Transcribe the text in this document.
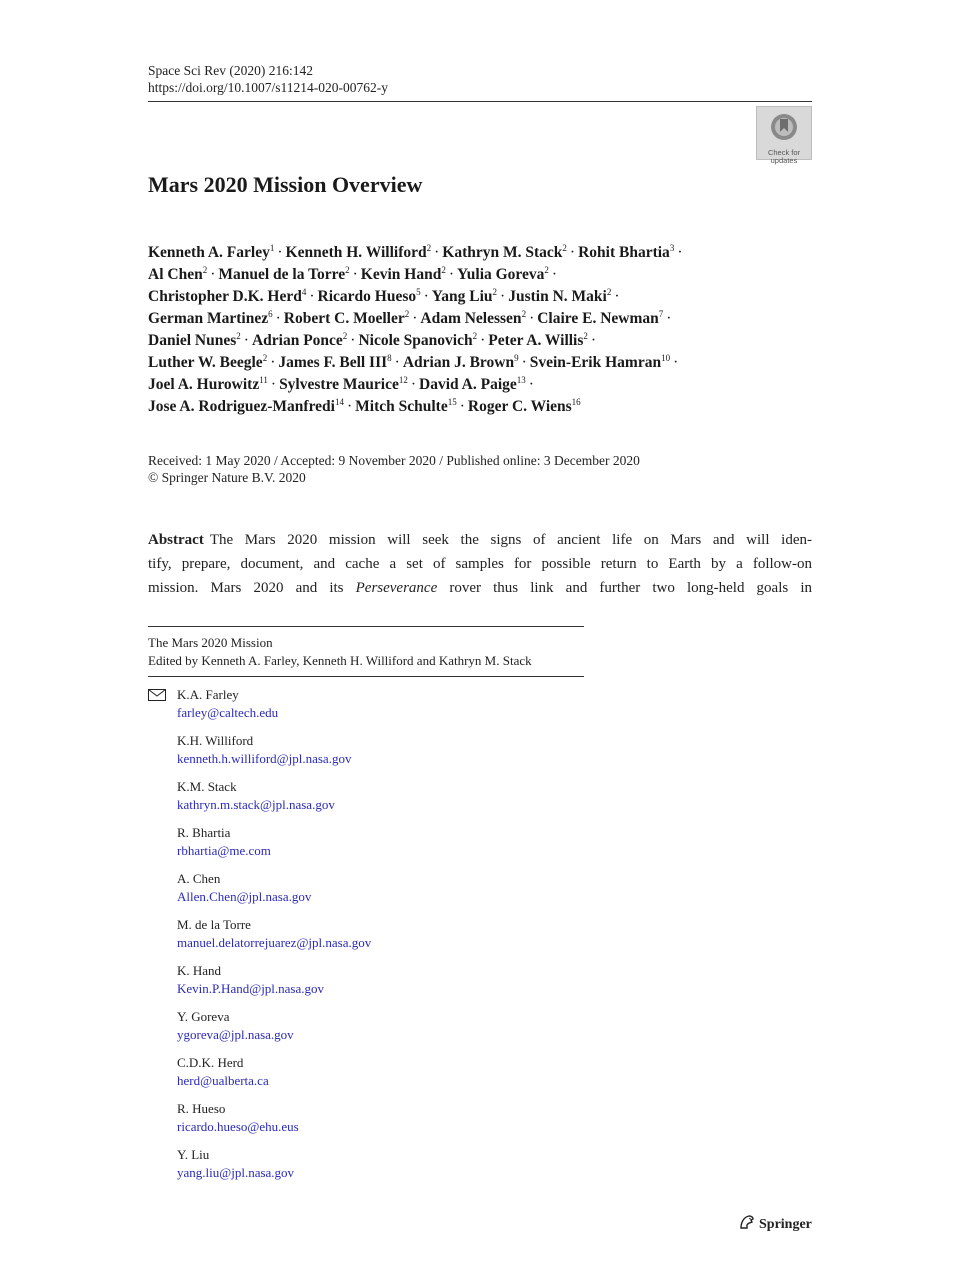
Space Sci Rev (2020) 216:142
https://doi.org/10.1007/s11214-020-00762-y
Check for
updates
Mars 2020 Mission Overview
Kenneth A. Farley$^1$ · Kenneth H. Williford$^2$ · Kathryn M. Stack$^2$ · Rohit Bhartia$^3$ ·
Al Chen$^2$ · Manuel de la Torre$^2$ · Kevin Hand$^2$ · Yulia Goreva$^2$ ·
Christopher D.K. Herd$^4$ · Ricardo Hueso$^5$ · Yang Liu$^2$ · Justin N. Maki$^2$ ·
German Martinez$^6$ · Robert C. Moeller$^2$ · Adam Nelessen$^2$ · Claire E. Newman$^7$ ·
Daniel Nunes$^2$ · Adrian Ponce$^2$ · Nicole Spanovich$^2$ · Peter A. Willis$^2$ ·
Luther W. Beegle$^2$ · James F. Bell $III^8$ · Adrian J. Brown$^9$ · Svein-Erik Hamran$^{10}$ ·
Joel A. Hurowitz$^{11}$ · Sylvestre Maurice$^{12}$ · David A. Paige$^{13}$ ·
Jose A. Rodriguez-Manfredi$^{14}$ · Mitch Schulte$^{15}$ · Roger C. Wiens$^{16}$
Received: 1 May 2020 / Accepted: 9 November 2020 / Published online: 3 December 2020
© Springer Nature B.V. 2020
Abstract The Mars 2020 mission will seek the signs of ancient life on Mars and will iden-
tify, prepare, document, and cache a set of samples for possible return to Earth by a follow-on
mission. Mars 2020 and its Perseverance rover thus link and further two long-held goals in
The Mars 2020 Mission
Edited by Kenneth A. Farley, Kenneth H. Williford and Kathryn M. Stack
K.A. Farley
farley@caltech.edu
K.H. Williford
kenneth.h.williford@jpl.nasa.gov
K.M. Stack
kathryn.m.stack@jpl.nasa.gov
R. Bhartia
rbhartia@me.com
A. Chen
Allen.Chen@jpl.nasa.gov
M. de la Torre
manuel.delatorrejuarez@jpl.nasa.gov
K. Hand
Kevin.P.Hand@jpl.nasa.gov
Y. Goreva
ygoreva@jpl.nasa.gov
C.D.K. Herd
herd@ualberta.ca
R. Hueso
ricardo.hueso@ehu.eus
Y. Liu
yang.liu@jpl.nasa.gov
Springer
